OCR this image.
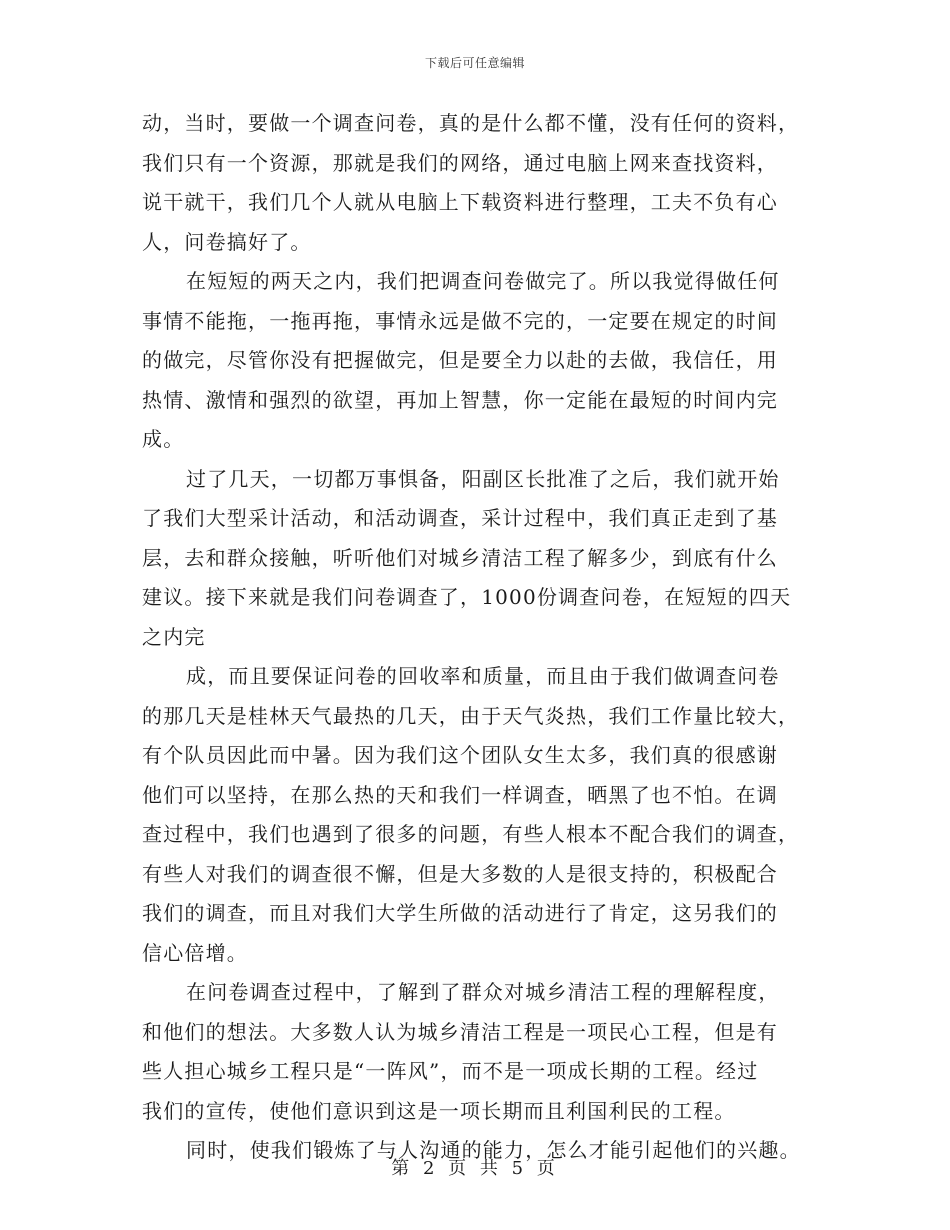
下载后可任意编辑

动，当时，要做一个调查问卷，真的是什么都不懂，没有任何的资料，
我们只有一个资源，那就是我们的网络，通过电脑上网来查找资料，
说干就干，我们几个人就从电脑上下载资料进行整理，工夫不负有心
人，问卷搞好了。

在短短的两天之内，我们把调查问卷做完了。所以我觉得做任何
事情不能拖，一拖再拖，事情永远是做不完的，一定要在规定的时间
的做完，尽管你没有把握做完，但是要全力以赴的去做，我信任，用
热情、激情和强烈的欲望，再加上智慧，你一定能在最短的时间内完
成。

过了几天，一切都万事惧备，阳副区长批准了之后，我们就开始
了我们大型采计活动，和活动调查，采计过程中，我们真正走到了基
层，去和群众接触，听听他们对城乡清洁工程了解多少，到底有什么
建议。接下来就是我们问卷调查了，1000份调查问卷，在短短的四天
之内完

成，而且要保证问卷的回收率和质量，而且由于我们做调查问卷
的那几天是桂林天气最热的几天，由于天气炎热，我们工作量比较大，
有个队员因此而中暑。因为我们这个团队女生太多，我们真的很感谢
他们可以坚持，在那么热的天和我们一样调查，晒黑了也不怕。在调
查过程中，我们也遇到了很多的问题，有些人根本不配合我们的调查，
有些人对我们的调查很不懈，但是大多数的人是很支持的，积极配合
我们的调查，而且对我们大学生所做的活动进行了肯定，这另我们的
信心倍增。

在问卷调查过程中，了解到了群众对城乡清洁工程的理解程度，
和他们的想法。大多数人认为城乡清洁工程是一项民心工程，但是有
些人担心城乡工程只是“一阵风”，而不是一项成长期的工程。经过
我们的宣传，使他们意识到这是一项长期而且利国利民的工程。

同时，使我们锻炼了与人沟通的能力，怎么才能引起他们的兴趣。

第 2 页 共 5 页
